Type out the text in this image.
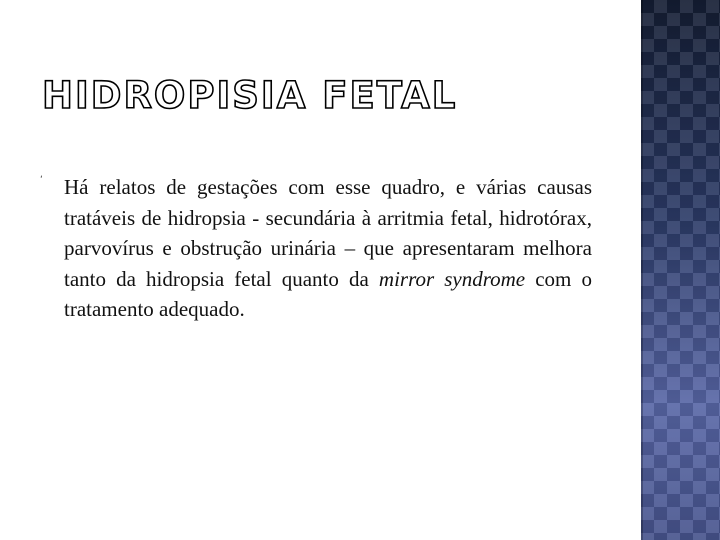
HIDROPISIA FETAL
‘ Há relatos de gestações com esse quadro, e várias causas tratáveis de hidropsia - secundária à arritmia fetal, hidrotórax, parvovírus e obstrução urinária – que apresentaram melhora tanto da hidropsia fetal quanto da mirror syndrome com o tratamento adequado.
